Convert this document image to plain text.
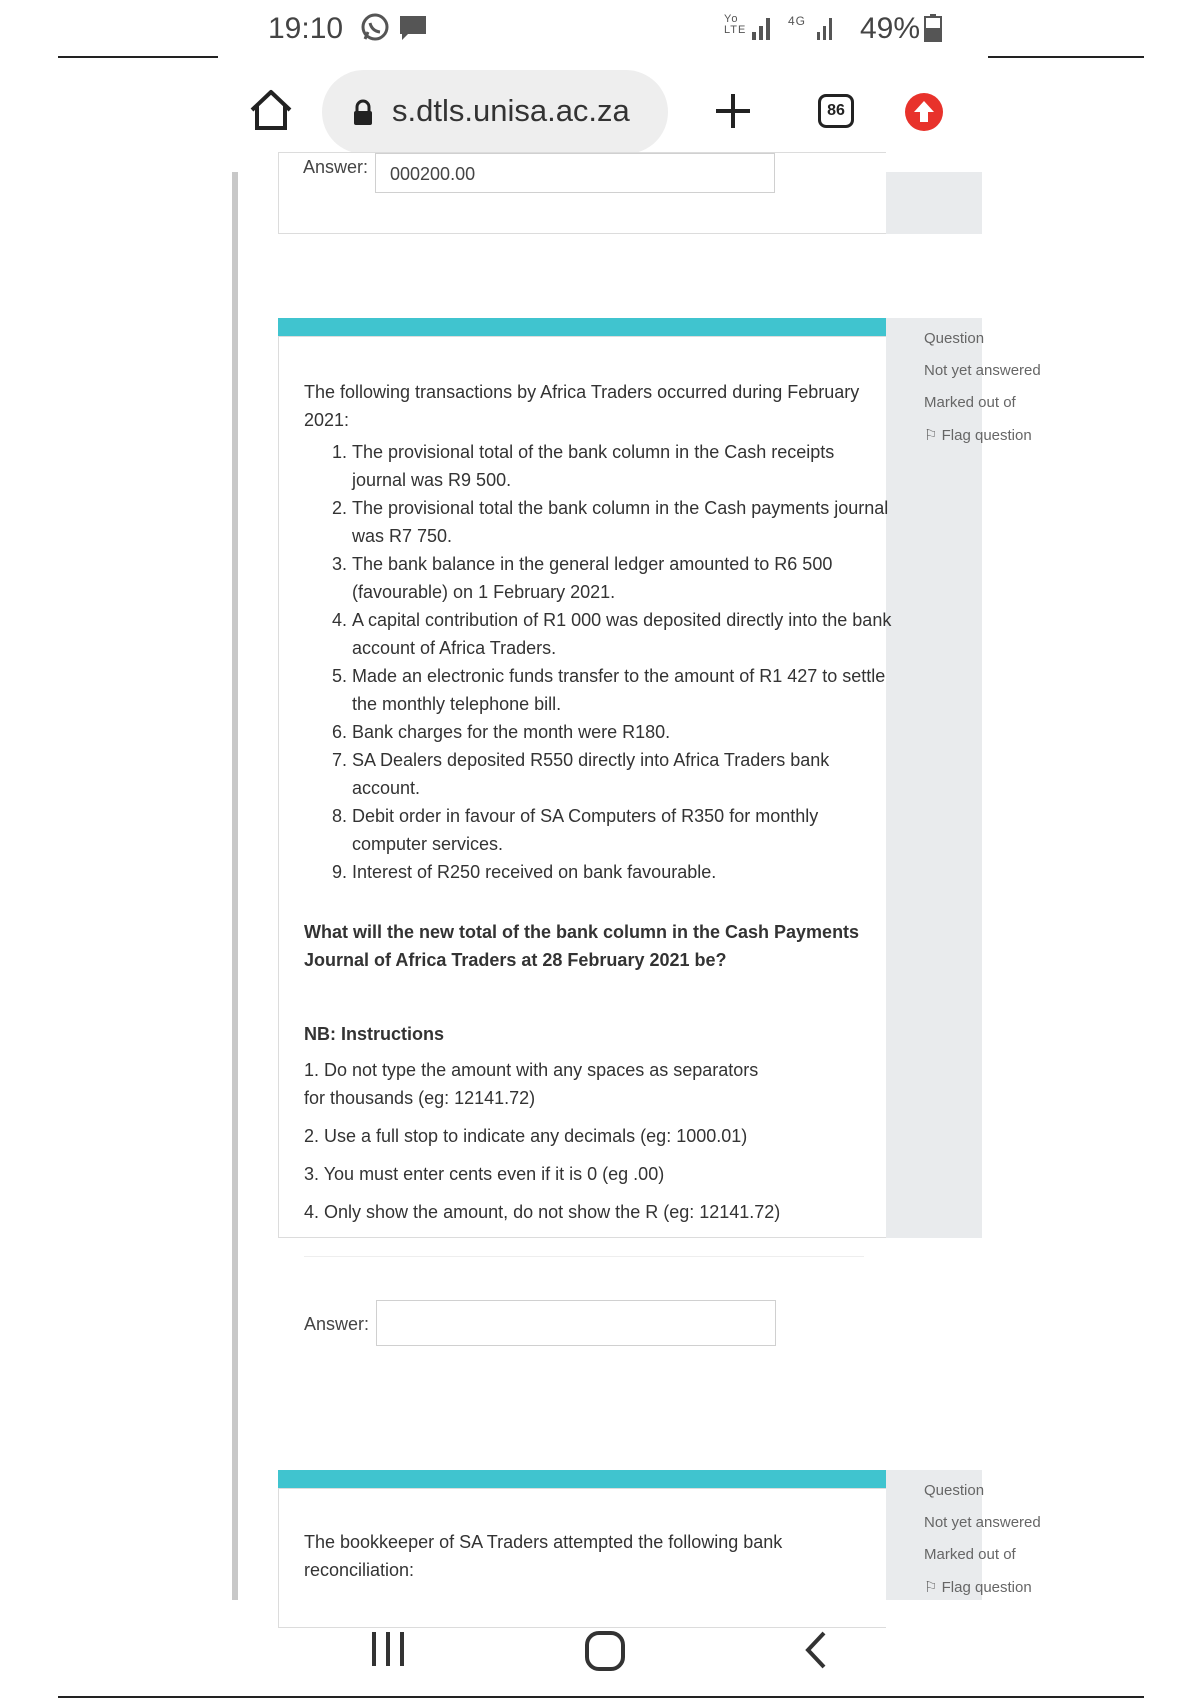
19:10	Yo LTE
4G 49%
s.dtls.unisa.ac.za	86
Answer: 000200.00
Question
Not yet answered
Marked out of
⚐ Flag question
The following transactions by Africa Traders occurred during February 2021:
1. The provisional total of the bank column in the Cash receipts journal was R9 500.
2. The provisional total the bank column in the Cash payments journal was R7 750.
3. The bank balance in the general ledger amounted to R6 500 (favourable) on 1 February 2021.
4. A capital contribution of R1 000 was deposited directly into the bank account of Africa Traders.
5. Made an electronic funds transfer to the amount of R1 427 to settle the monthly telephone bill.
6. Bank charges for the month were R180.
7. SA Dealers deposited R550 directly into Africa Traders bank account.
8. Debit order in favour of SA Computers of R350 for monthly computer services.
9. Interest of R250 received on bank favourable.
What will the new total of the bank column in the Cash Payments Journal of Africa Traders at 28 February 2021 be?
NB: Instructions
1. Do not type the amount with any spaces as separators for thousands (eg: 12141.72)
2. Use a full stop to indicate any decimals (eg: 1000.01)
3. You must enter cents even if it is 0 (eg .00)
4. Only show the amount, do not show the R (eg: 12141.72)
Answer:
Question
Not yet answered
Marked out of
⚐ Flag question
The bookkeeper of SA Traders attempted the following bank reconciliation:
